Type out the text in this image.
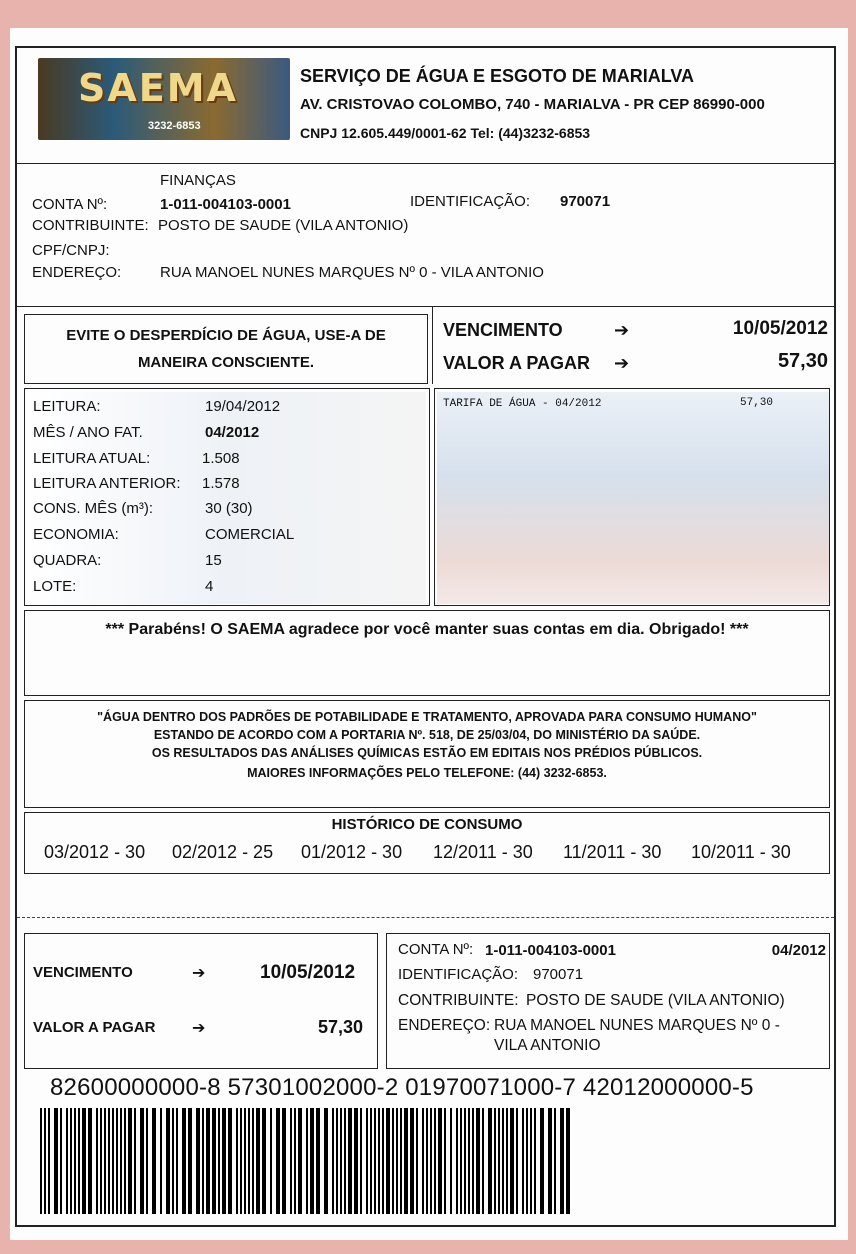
SAEMA
3232-6853
SERVIÇO DE ÁGUA E ESGOTO DE MARIALVA
AV. CRISTOVAO COLOMBO, 740 - MARIALVA - PR CEP 86990-000
CNPJ 12.605.449/0001-62 Tel: (44)3232-6853
FINANÇAS
CONTA Nº:	1-011-004103-0001	IDENTIFICAÇÃO: 970071
CONTRIBUINTE: POSTO DE SAUDE (VILA ANTONIO)
CPF/CNPJ:
ENDEREÇO:	RUA MANOEL NUNES MARQUES Nº 0 - VILA ANTONIO
EVITE O DESPERDÍCIO DE ÁGUA, USE-A DE
MANEIRA CONSCIENTE.
VENCIMENTO	➔	10/05/2012
VALOR A PAGAR ➔	57,30
LEITURA:	19/04/2012
MÊS / ANO FAT.	04/2012
LEITURA ATUAL:	1.508
LEITURA ANTERIOR: 1.578
CONS. MÊS (m³):	30 (30)
ECONOMIA:	COMERCIAL
QUADRA:	15
LOTE:	4
TARIFA DE ÁGUA - 04/2012	57,30
*** Parabéns! O SAEMA agradece por você manter suas contas em dia. Obrigado! ***
"ÁGUA DENTRO DOS PADRÕES DE POTABILIDADE E TRATAMENTO, APROVADA PARA CONSUMO HUMANO"
ESTANDO DE ACORDO COM A PORTARIA Nº. 518, DE 25/03/04, DO MINISTÉRIO DA SAÚDE.
OS RESULTADOS DAS ANÁLISES QUÍMICAS ESTÃO EM EDITAIS NOS PRÉDIOS PÚBLICOS.
MAIORES INFORMAÇÕES PELO TELEFONE: (44) 3232-6853.
HISTÓRICO DE CONSUMO
03/2012 - 30 02/2012 - 25 01/2012 - 30 12/2011 - 30 11/2011 - 30 10/2011 - 30
VENCIMENTO	➔	10/05/2012
VALOR A PAGAR ➔	57,30
CONTA Nº: 1-011-004103-0001	04/2012
IDENTIFICAÇÃO: 970071
CONTRIBUINTE: POSTO DE SAUDE (VILA ANTONIO)
ENDEREÇO: RUA MANOEL NUNES MARQUES Nº 0 -
VILA ANTONIO
82600000000-8 57301002000-2 01970071000-7 42012000000-5
